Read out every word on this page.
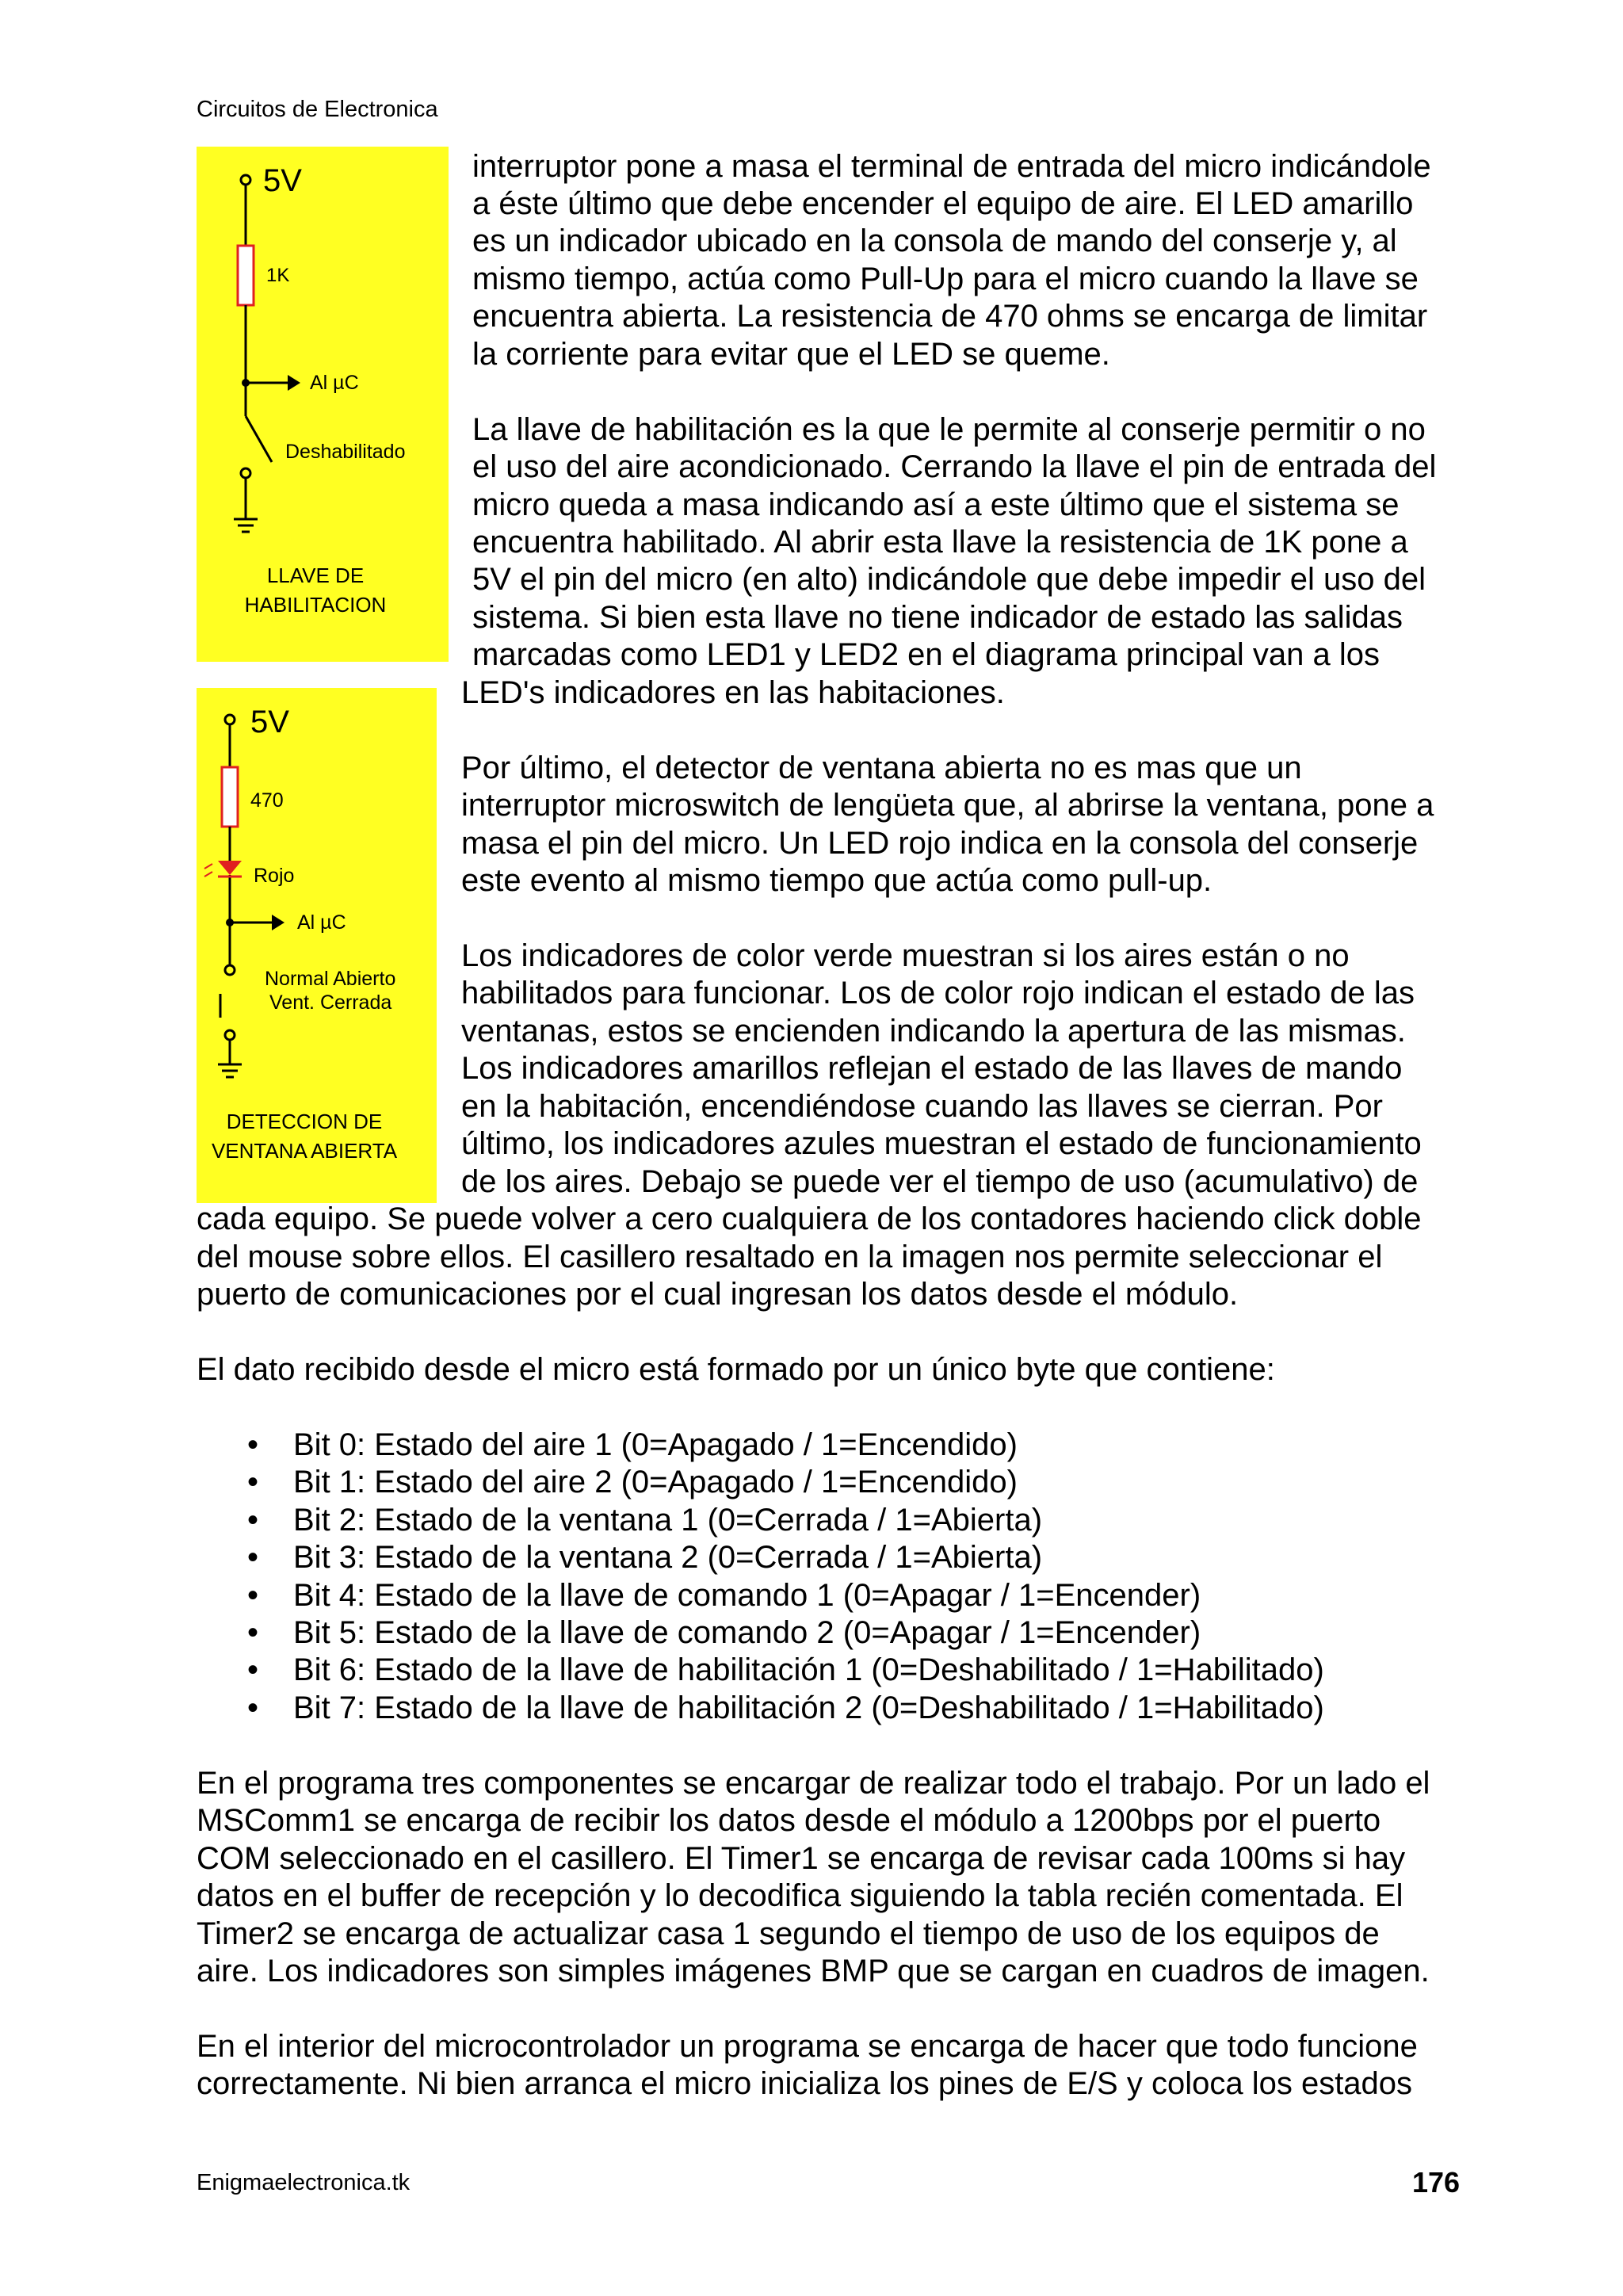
Circuitos de Electronica
5V
1K
Al µC
Deshabilitado
LLAVE DE
HABILITACION
5V
470
Rojo
Al µC
Normal Abierto
Vent. Cerrada
DETECCION DE
VENTANA ABIERTA
interruptor pone a masa el terminal de entrada del micro indicándole
a éste último que debe encender el equipo de aire. El LED amarillo
es un indicador ubicado en la consola de mando del conserje y, al
mismo tiempo, actúa como Pull-Up para el micro cuando la llave se
encuentra abierta. La resistencia de 470 ohms se encarga de limitar
la corriente para evitar que el LED se queme.
La llave de habilitación es la que le permite al conserje permitir o no
el uso del aire acondicionado. Cerrando la llave el pin de entrada del
micro queda a masa indicando así a este último que el sistema se
encuentra habilitado. Al abrir esta llave la resistencia de 1K pone a
5V el pin del micro (en alto) indicándole que debe impedir el uso del
sistema. Si bien esta llave no tiene indicador de estado las salidas
marcadas como LED1 y LED2 en el diagrama principal van a los
LED's indicadores en las habitaciones.
Por último, el detector de ventana abierta no es mas que un
interruptor microswitch de lengüeta que, al abrirse la ventana, pone a
masa el pin del micro. Un LED rojo indica en la consola del conserje
este evento al mismo tiempo que actúa como pull-up.
Los indicadores de color verde muestran si los aires están o no
habilitados para funcionar. Los de color rojo indican el estado de las
ventanas, estos se encienden indicando la apertura de las mismas.
Los indicadores amarillos reflejan el estado de las llaves de mando
en la habitación, encendiéndose cuando las llaves se cierran. Por
último, los indicadores azules muestran el estado de funcionamiento
de los aires. Debajo se puede ver el tiempo de uso (acumulativo) de
cada equipo. Se puede volver a cero cualquiera de los contadores haciendo click doble
del mouse sobre ellos. El casillero resaltado en la imagen nos permite seleccionar el
puerto de comunicaciones por el cual ingresan los datos desde el módulo.
El dato recibido desde el micro está formado por un único byte que contiene:
• Bit 0: Estado del aire 1 (0=Apagado / 1=Encendido)
• Bit 1: Estado del aire 2 (0=Apagado / 1=Encendido)
• Bit 2: Estado de la ventana 1 (0=Cerrada / 1=Abierta)
• Bit 3: Estado de la ventana 2 (0=Cerrada / 1=Abierta)
• Bit 4: Estado de la llave de comando 1 (0=Apagar / 1=Encender)
• Bit 5: Estado de la llave de comando 2 (0=Apagar / 1=Encender)
• Bit 6: Estado de la llave de habilitación 1 (0=Deshabilitado / 1=Habilitado)
• Bit 7: Estado de la llave de habilitación 2 (0=Deshabilitado / 1=Habilitado)
En el programa tres componentes se encargar de realizar todo el trabajo. Por un lado el
MSComm1 se encarga de recibir los datos desde el módulo a 1200bps por el puerto
COM seleccionado en el casillero. El Timer1 se encarga de revisar cada 100ms si hay
datos en el buffer de recepción y lo decodifica siguiendo la tabla recién comentada. El
Timer2 se encarga de actualizar casa 1 segundo el tiempo de uso de los equipos de
aire. Los indicadores son simples imágenes BMP que se cargan en cuadros de imagen.
En el interior del microcontrolador un programa se encarga de hacer que todo funcione
correctamente. Ni bien arranca el micro inicializa los pines de E/S y coloca los estados
Enigmaelectronica.tk	176
